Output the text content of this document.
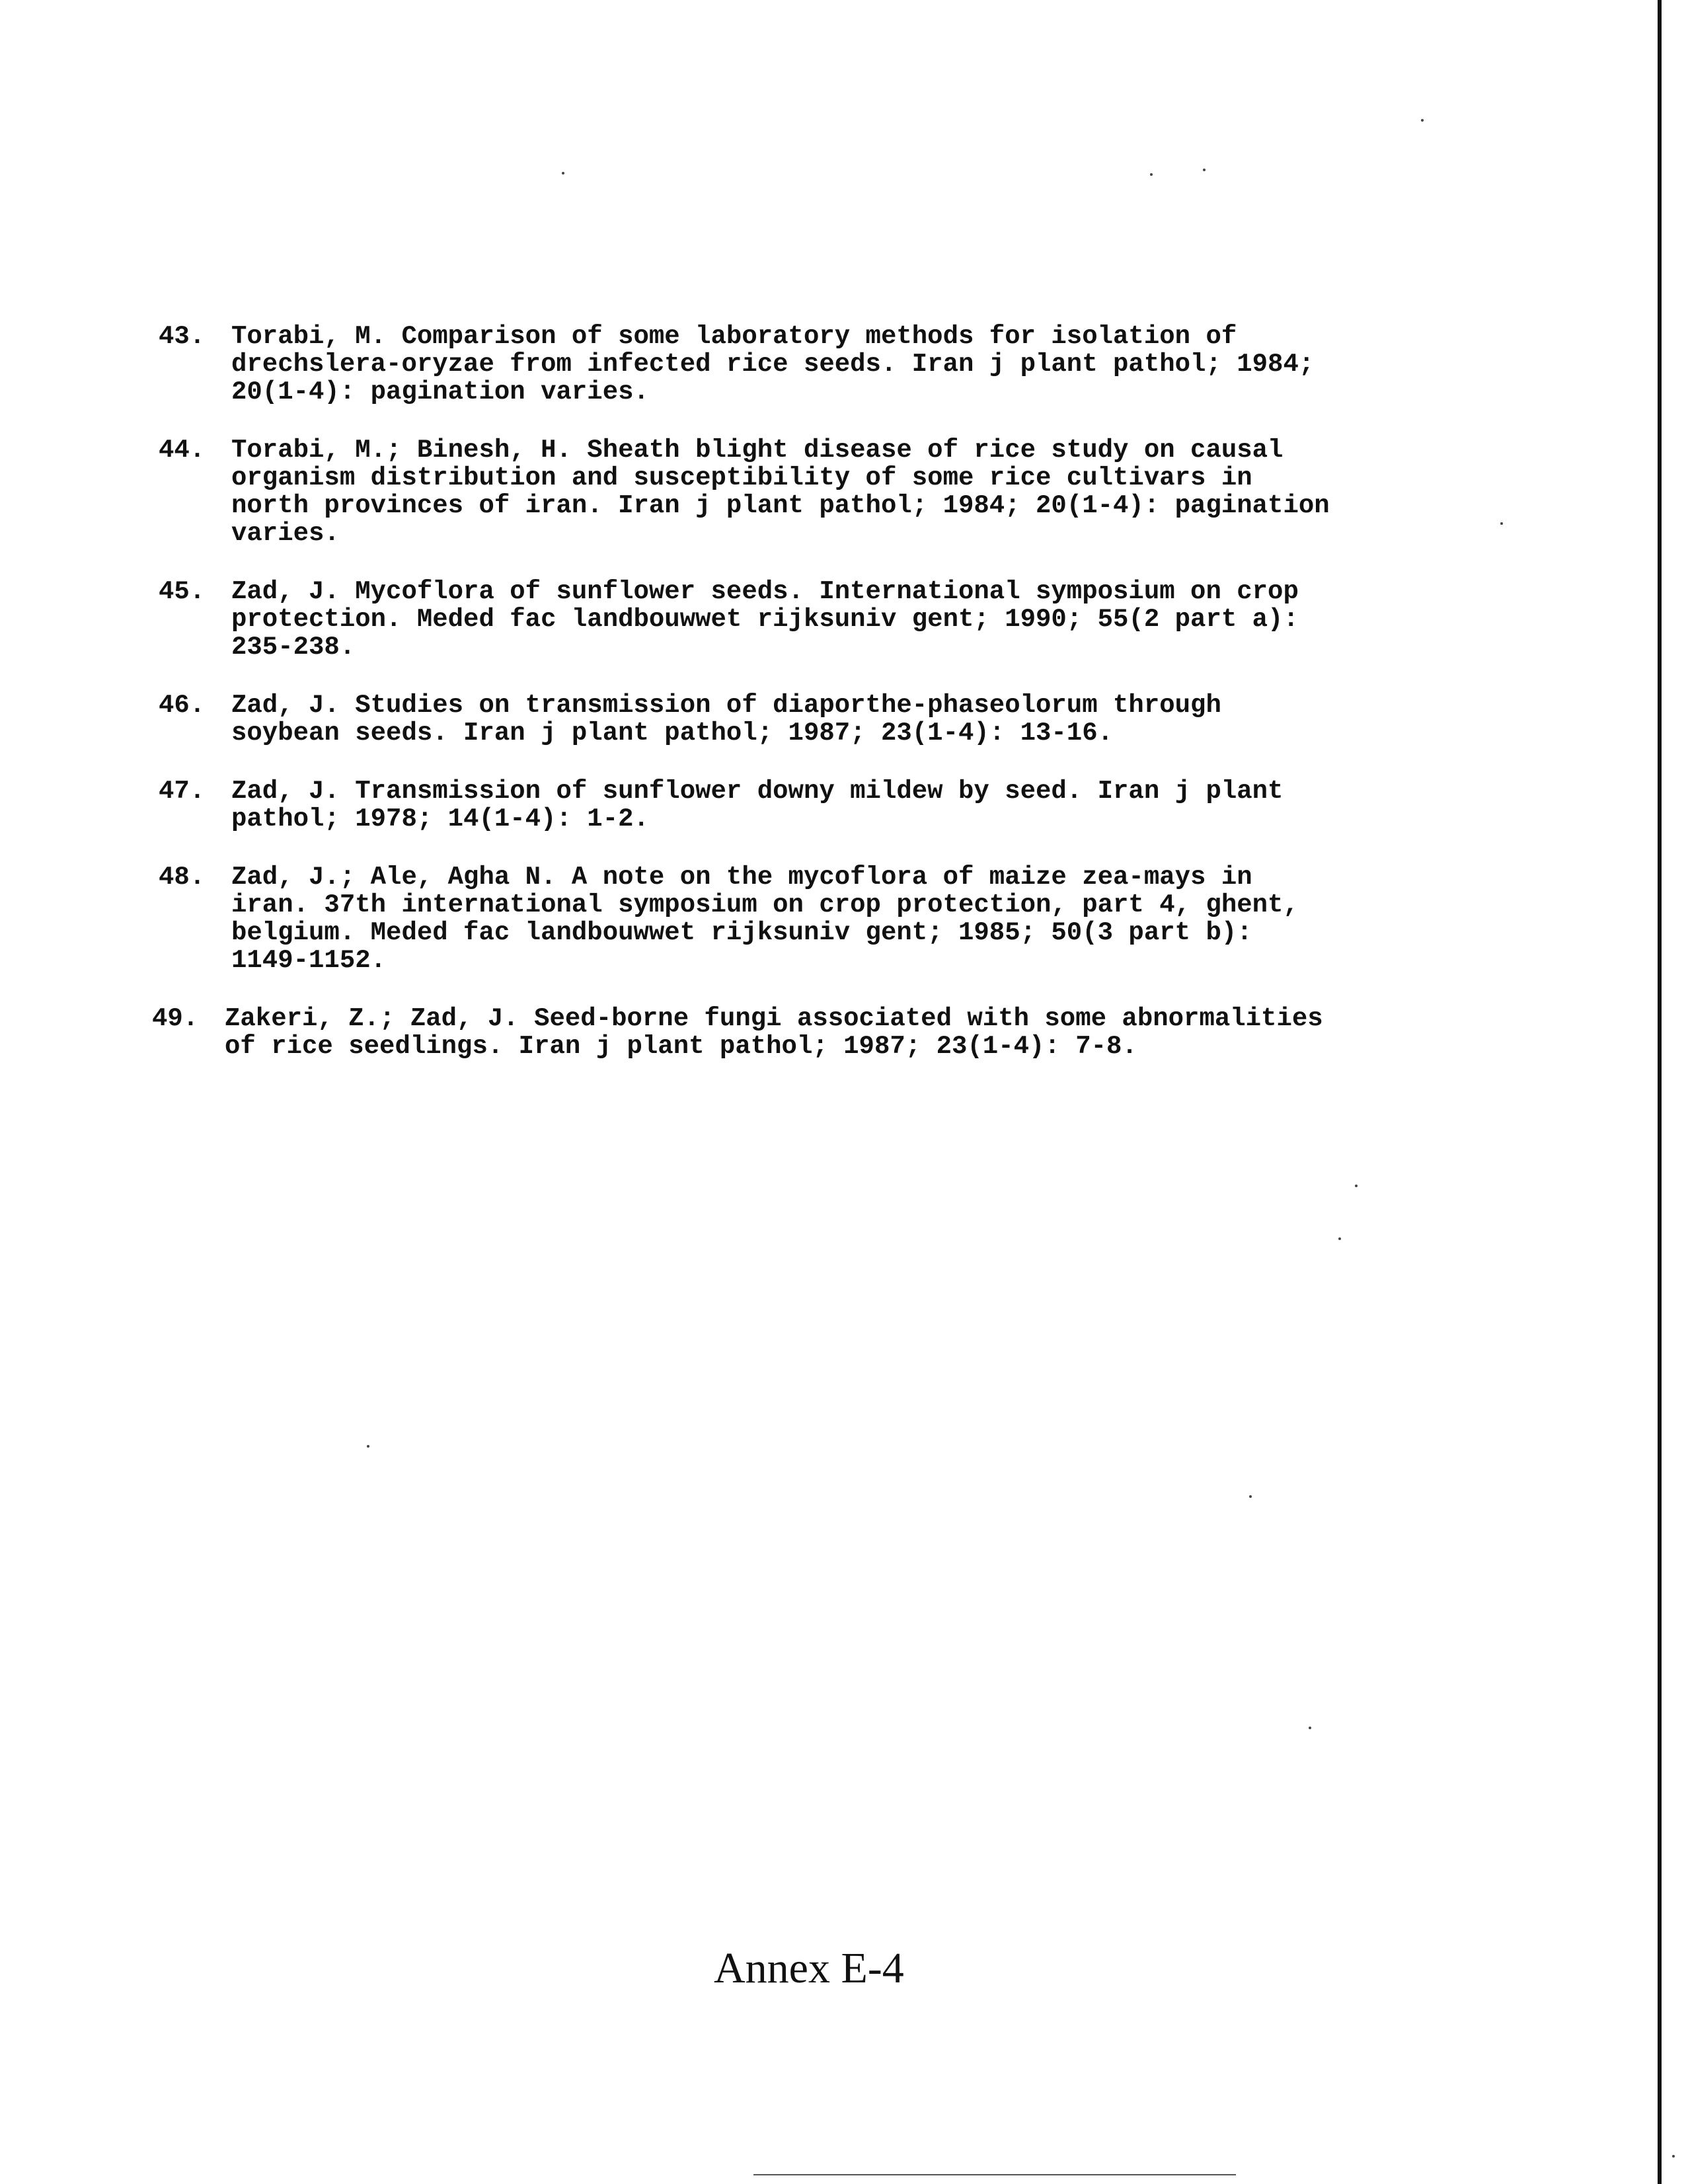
43.	Torabi, M. Comparison of some laboratory methods for isolation of
drechslera-oryzae from infected rice seeds. Iran j plant pathol; 1984;
20(1-4): pagination varies.
44.	Torabi, M.; Binesh, H. Sheath blight disease of rice study on causal
organism distribution and susceptibility of some rice cultivars in
north provinces of iran. Iran j plant pathol; 1984; 20(1-4): pagination
varies.
45.	Zad, J. Mycoflora of sunflower seeds. International symposium on crop
protection. Meded fac landbouwwet rijksuniv gent; 1990; 55(2 part a):
235-238.
46.	Zad, J. Studies on transmission of diaporthe-phaseolorum through
soybean seeds. Iran j plant pathol; 1987; 23(1-4): 13-16.
47.	Zad, J. Transmission of sunflower downy mildew by seed. Iran j plant
pathol; 1978; 14(1-4): 1-2.
48.	Zad, J.; Ale, Agha N. A note on the mycoflora of maize zea-mays in
iran. 37th international symposium on crop protection, part 4, ghent,
belgium. Meded fac landbouwwet rijksuniv gent; 1985; 50(3 part b):
1149-1152.
49.	Zakeri, Z.; Zad, J. Seed-borne fungi associated with some abnormalities
of rice seedlings. Iran j plant pathol; 1987; 23(1-4): 7-8.
Annex E-4
